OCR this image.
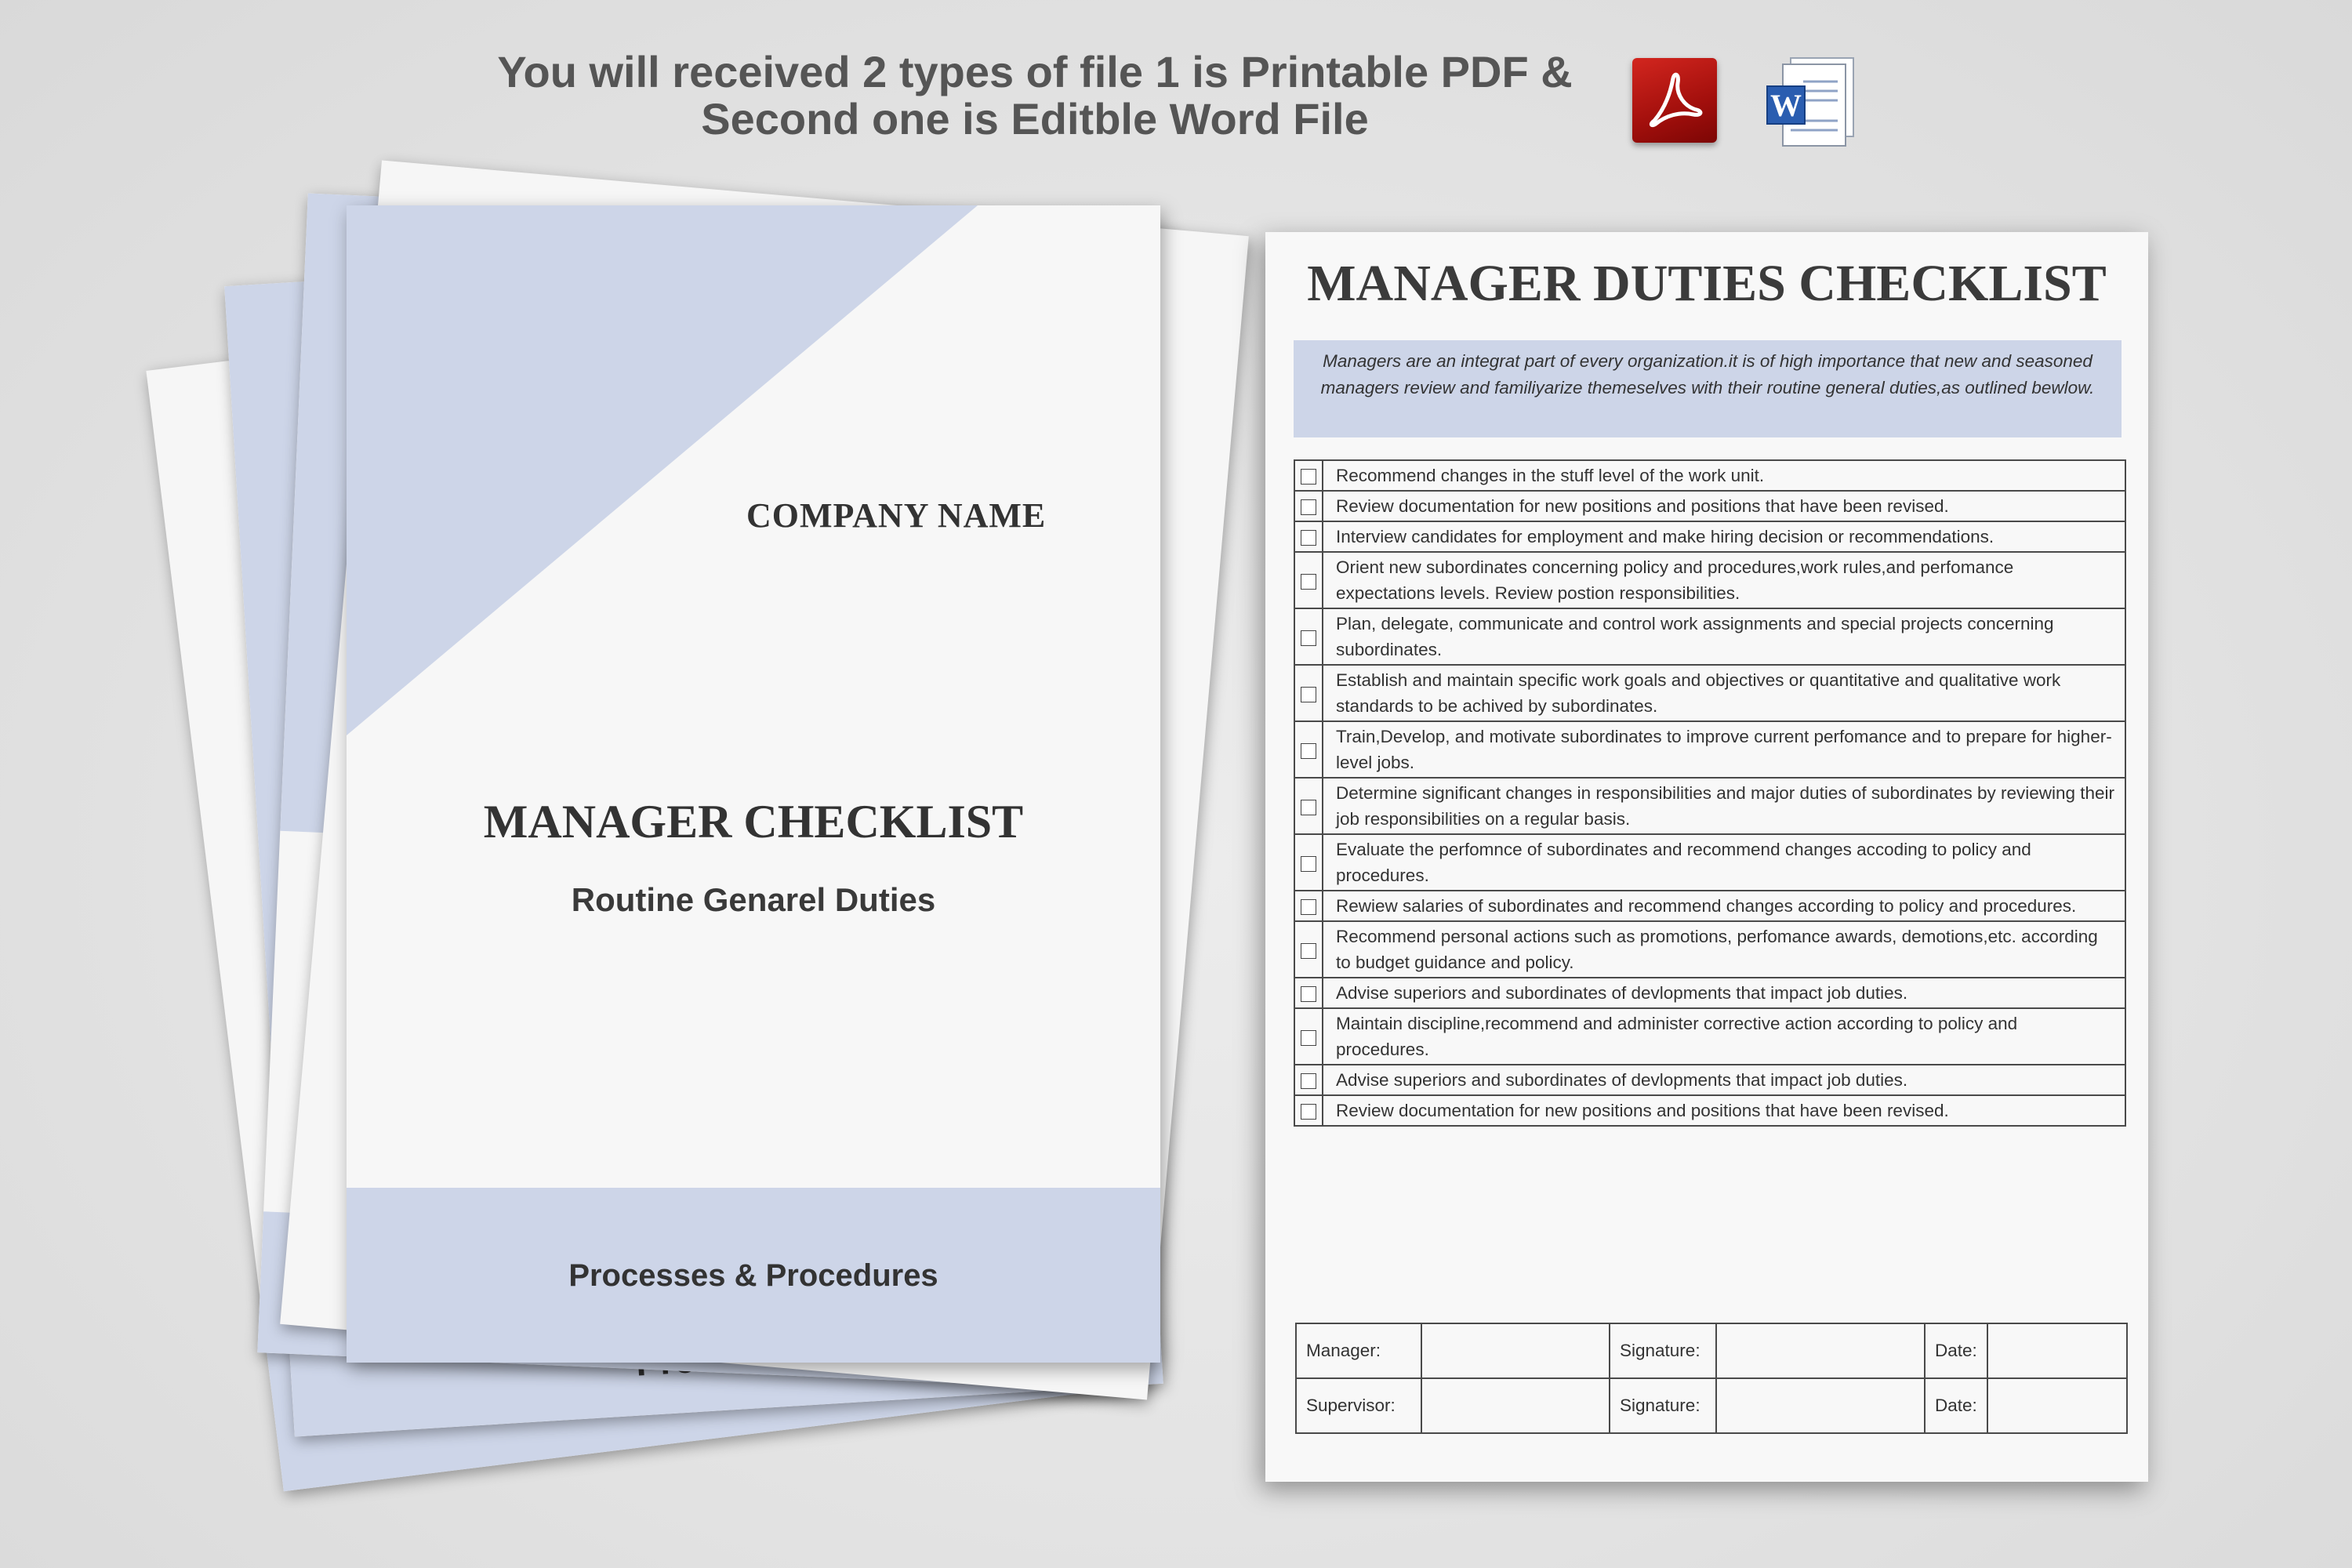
You will received 2 types of file 1 is Printable PDF &
Second one is Editble Word File	W
COMPANY NAME
MANAGER CHECKLIST
Routine Genarel Duties
Processes & Procedures
MANAGER DUTIES CHECKLIST
Managers are an integrat part of every organization.it is of high importance that new and seasoned managers review and familiyarize themeselves with their routine general duties,as outlined bewlow.
	Recommend changes in the stuff level of the work unit.
	Review documentation for new positions and positions that have been revised.
	Interview candidates for employment and make hiring decision or recommendations.
	Orient new subordinates concerning policy and procedures,work rules,and perfomance expectations levels. Review postion responsibilities.
	Plan, delegate, communicate and control work assignments and special projects concerning subordinates.
	Establish and maintain specific work goals and objectives or quantitative and qualitative work standards to be achived by subordinates.
	Train,Develop, and motivate subordinates to improve current perfomance and to prepare for higher-level jobs.
	Determine significant changes in responsibilities and major duties of subordinates by reviewing their job responsibilities on a regular basis.
	Evaluate the perfomnce of subordinates and recommend changes accoding to policy and procedures.
	Rewiew salaries of subordinates and recommend changes according to policy and procedures.
	Recommend personal actions such as promotions, perfomance awards, demotions,etc. according to budget guidance and policy.
	Advise superiors and subordinates of devlopments that impact job duties.
	Maintain discipline,recommend and administer corrective action according to policy and procedures.
	Advise superiors and subordinates of devlopments that impact job duties.
	Review documentation for new positions and positions that have been revised.
Manager:		Signature:		Date:	
Supervisor:		Signature:		Date:	
